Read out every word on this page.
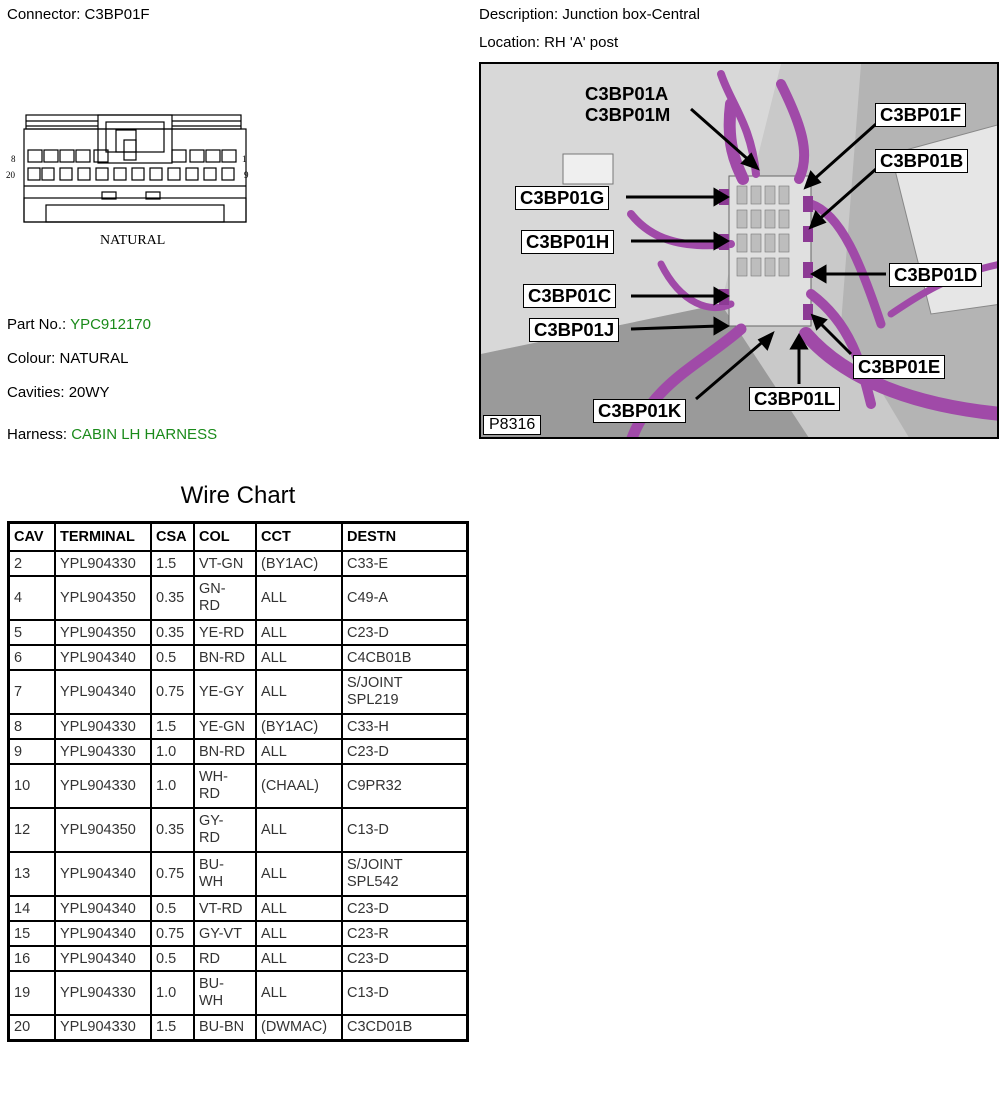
Connector: C3BP01F	Description: Junction box-Central
Location: RH 'A' post
8	1
20	9
NATURAL
Part No.: YPC912170
Colour: NATURAL
Cavities: 20WY
Harness: CABIN LH HARNESS
C3BP01A
C3BP01M	C3BP01F
C3BP01B
C3BP01G
C3BP01H
C3BP01D
C3BP01C
C3BP01J
C3BP01E
C3BP01K
C3BP01L
P8316
Wire Chart
CAV	TERMINAL	CSA	COL	CCT	DESTN
2	YPL904330	1.5	VT-GN	(BY1AC)	C33-E
4	YPL904350	0.35	GN-
RD	ALL	C49-A
5	YPL904350	0.35	YE-RD	ALL	C23-D
6	YPL904340	0.5	BN-RD	ALL	C4CB01B
7	YPL904340	0.75	YE-GY	ALL	S/JOINT
SPL219
8	YPL904330	1.5	YE-GN	(BY1AC)	C33-H
9	YPL904330	1.0	BN-RD	ALL	C23-D
10	YPL904330	1.0	WH-
RD	(CHAAL)	C9PR32
12	YPL904350	0.35	GY-
RD	ALL	C13-D
13	YPL904340	0.75	BU-
WH	ALL	S/JOINT
SPL542
14	YPL904340	0.5	VT-RD	ALL	C23-D
15	YPL904340	0.75	GY-VT	ALL	C23-R
16	YPL904340	0.5	RD	ALL	C23-D
19	YPL904330	1.0	BU-
WH	ALL	C13-D
20	YPL904330	1.5	BU-BN	(DWMAC)	C3CD01B
